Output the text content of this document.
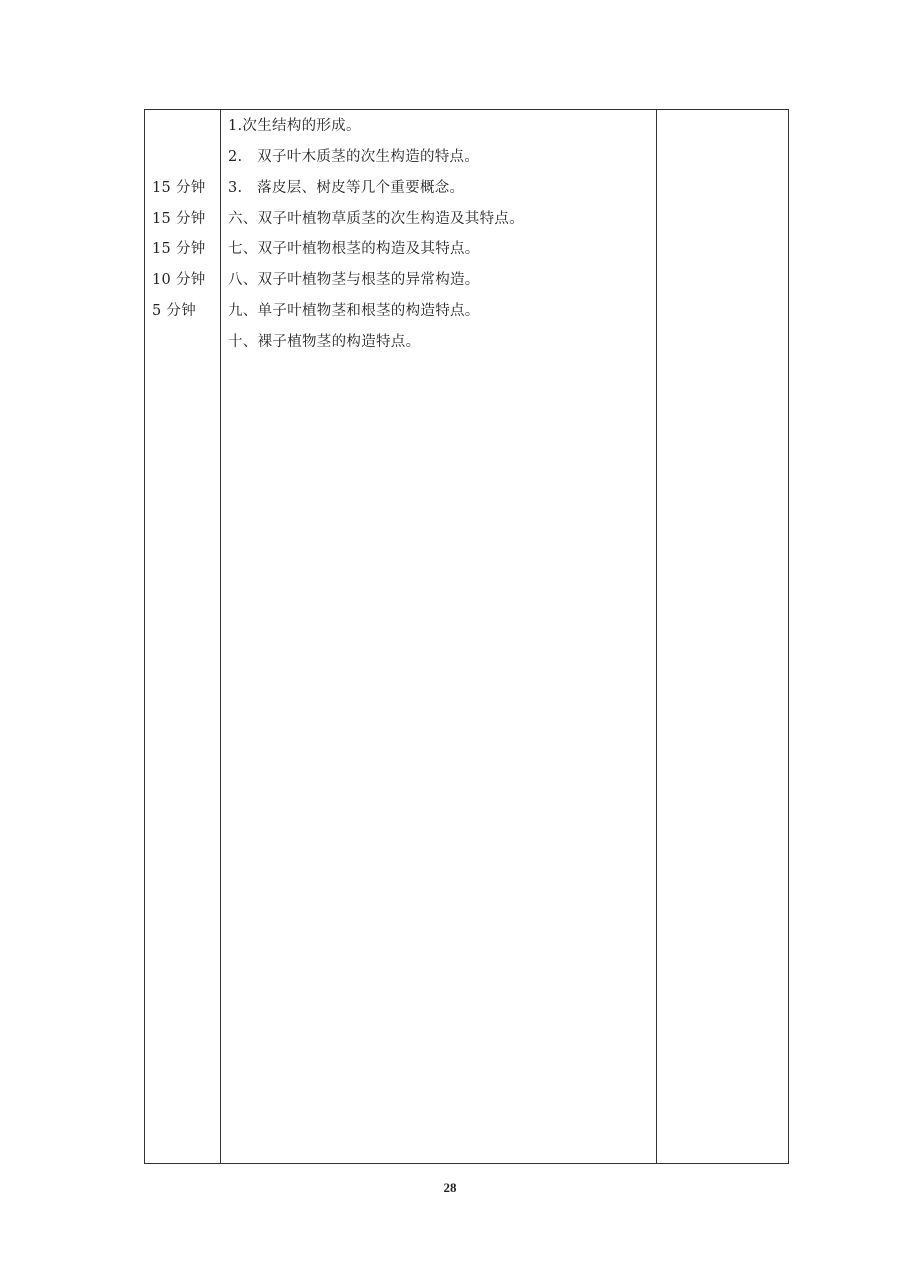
15 分钟
15 分钟
15 分钟
10 分钟
5 分钟
1.次生结构的形成。
2.   双子叶木质茎的次生构造的特点。
3.   落皮层、树皮等几个重要概念。
六、双子叶植物草质茎的次生构造及其特点。
七、双子叶植物根茎的构造及其特点。
八、双子叶植物茎与根茎的异常构造。
九、单子叶植物茎和根茎的构造特点。
十、裸子植物茎的构造特点。
28
